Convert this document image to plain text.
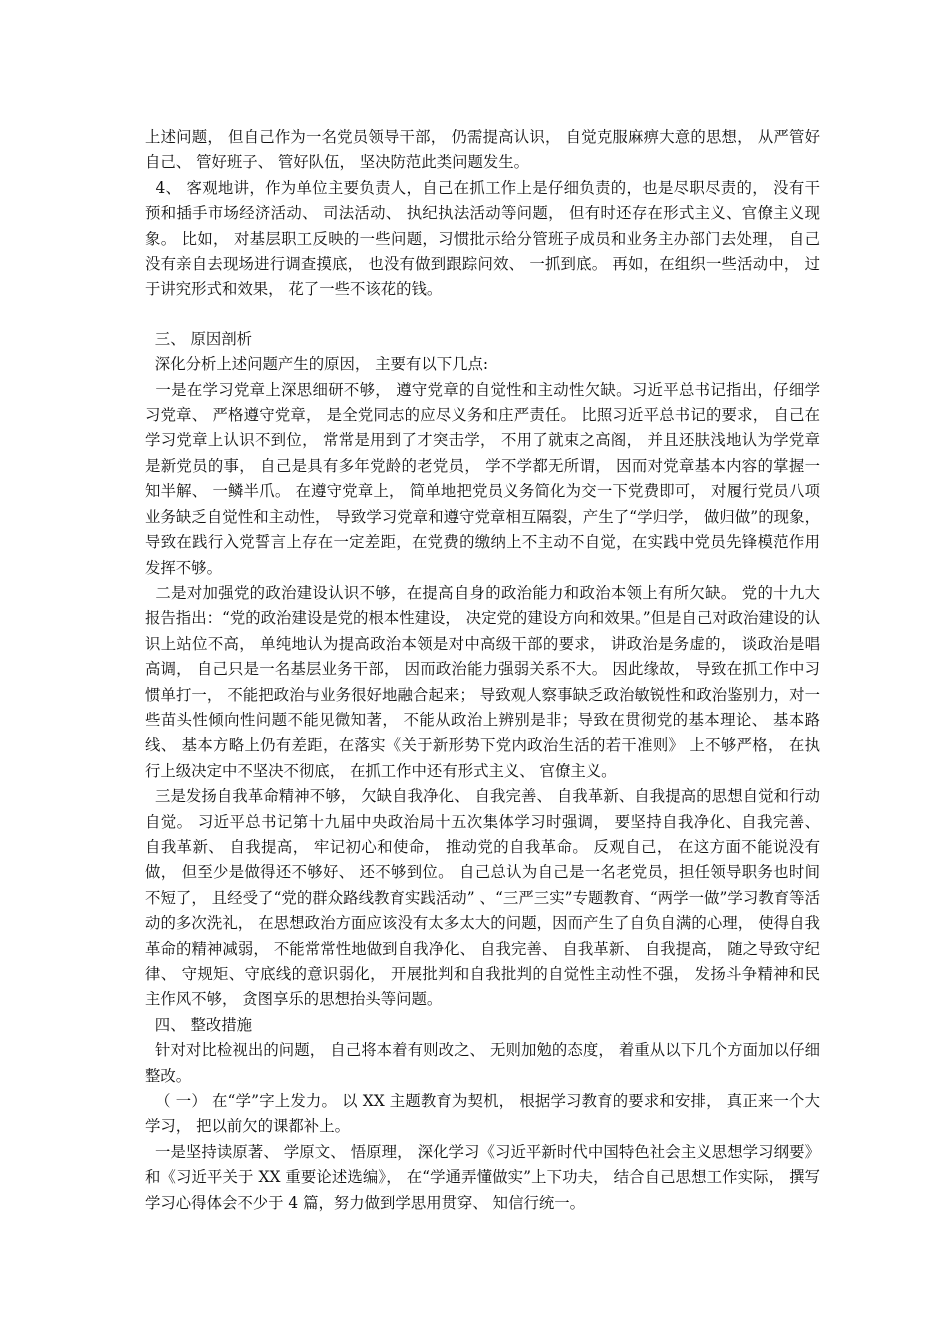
上述问题， 但自己作为一名党员领导干部， 仍需提高认识， 自觉克服麻痹大意的思想， 从严管好自己、 管好班子、 管好队伍， 坚决防范此类问题发生。

4、 客观地讲，作为单位主要负责人，自己在抓工作上是仔细负责的，也是尽职尽责的， 没有干预和插手市场经济活动、 司法活动、 执纪执法活动等问题， 但有时还存在形式主义、官僚主义现象。 比如， 对基层职工反映的一些问题，习惯批示给分管班子成员和业务主办部门去处理， 自己没有亲自去现场进行调查摸底， 也没有做到跟踪问效、 一抓到底。 再如，在组织一些活动中， 过于讲究形式和效果， 花了一些不该花的钱。

三、 原因剖析

深化分析上述问题产生的原因， 主要有以下几点:

一是在学习党章上深思细研不够， 遵守党章的自觉性和主动性欠缺。习近平总书记指出，仔细学习党章、 严格遵守党章， 是全党同志的应尽义务和庄严责任。 比照习近平总书记的要求， 自己在学习党章上认识不到位， 常常是用到了才突击学， 不用了就束之高阁， 并且还肤浅地认为学党章是新党员的事， 自己是具有多年党龄的老党员， 学不学都无所谓， 因而对党章基本内容的掌握一知半解、 一鳞半爪。 在遵守党章上， 简单地把党员义务简化为交一下党费即可， 对履行党员八项业务缺乏自觉性和主动性， 导致学习党章和遵守党章相互隔裂，产生了“学归学， 做归做”的现象， 导致在践行入党誓言上存在一定差距，在党费的缴纳上不主动不自觉，在实践中党员先锋模范作用发挥不够。

二是对加强党的政治建设认识不够，在提高自身的政治能力和政治本领上有所欠缺。 党的十九大报告指出：“党的政治建设是党的根本性建设， 决定党的建设方向和效果。”但是自己对政治建设的认识上站位不高， 单纯地认为提高政治本领是对中高级干部的要求， 讲政治是务虚的， 谈政治是唱高调， 自己只是一名基层业务干部， 因而政治能力强弱关系不大。 因此缘故， 导致在抓工作中习惯单打一， 不能把政治与业务很好地融合起来； 导致观人察事缺乏政治敏锐性和政治鉴别力，对一些苗头性倾向性问题不能见微知著， 不能从政治上辨别是非；导致在贯彻党的基本理论、 基本路线、 基本方略上仍有差距，在落实《关于新形势下党内政治生活的若干准则》 上不够严格， 在执行上级决定中不坚决不彻底， 在抓工作中还有形式主义、 官僚主义。

三是发扬自我革命精神不够， 欠缺自我净化、 自我完善、 自我革新、自我提高的思想自觉和行动自觉。 习近平总书记第十九届中央政治局十五次集体学习时强调， 要坚持自我净化、自我完善、 自我革新、 自我提高， 牢记初心和使命， 推动党的自我革命。 反观自己， 在这方面不能说没有做， 但至少是做得还不够好、 还不够到位。 自己总认为自己是一名老党员，担任领导职务也时间不短了， 且经受了“党的群众路线教育实践活动” 、“三严三实”专题教育、“两学一做”学习教育等活动的多次洗礼， 在思想政治方面应该没有太多太大的问题，因而产生了自负自满的心理， 使得自我革命的精神减弱， 不能常常性地做到自我净化、 自我完善、 自我革新、 自我提高， 随之导致守纪律、 守规矩、守底线的意识弱化， 开展批判和自我批判的自觉性主动性不强， 发扬斗争精神和民主作风不够， 贪图享乐的思想抬头等问题。

四、 整改措施

针对对比检视出的问题， 自己将本着有则改之、 无则加勉的态度， 着重从以下几个方面加以仔细整改。

（ 一） 在“学”字上发力。 以 XX 主题教育为契机， 根据学习教育的要求和安排， 真正来一个大学习， 把以前欠的课都补上。

一是坚持读原著、 学原文、 悟原理， 深化学习《习近平新时代中国特色社会主义思想学习纲要》 和《习近平关于 XX 重要论述选编》， 在“学通弄懂做实”上下功夫， 结合自己思想工作实际， 撰写学习心得体会不少于 4 篇，努力做到学思用贯穿、 知信行统一。
